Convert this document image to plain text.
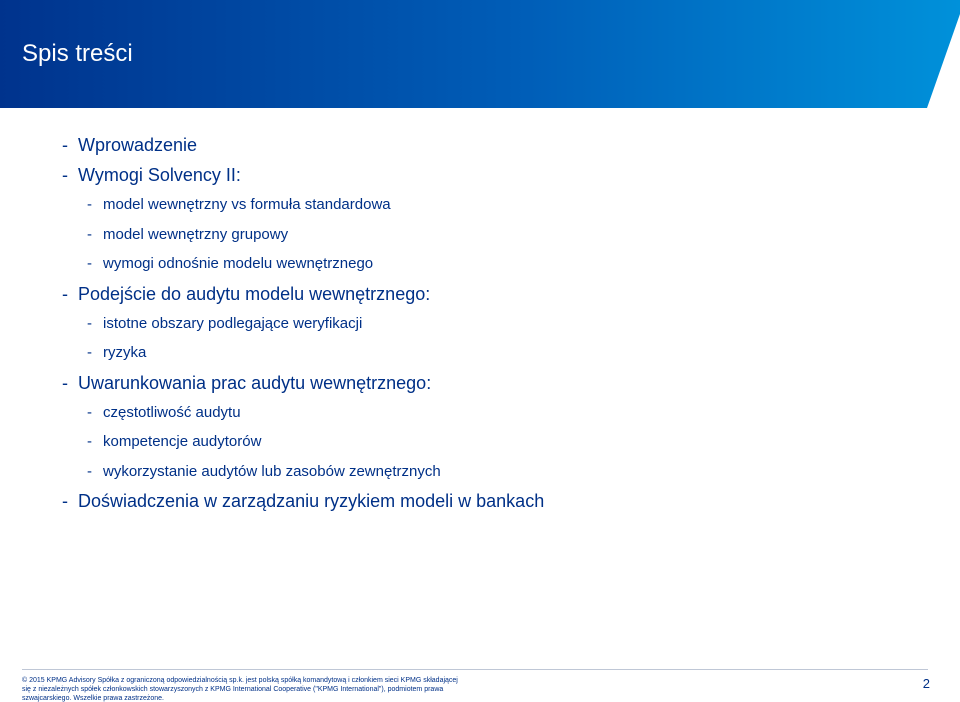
Spis treści
- Wprowadzenie
- Wymogi Solvency II:
- model wewnętrzny vs formuła standardowa
- model wewnętrzny grupowy
- wymogi odnośnie modelu wewnętrznego
- Podejście do audytu modelu wewnętrznego:
- istotne obszary podlegające weryfikacji
- ryzyka
- Uwarunkowania prac audytu wewnętrznego:
- częstotliwość audytu
- kompetencje audytorów
- wykorzystanie audytów lub zasobów zewnętrznych
- Doświadczenia w zarządzaniu ryzykiem modeli w bankach

© 2015 KPMG Advisory Spółka z ograniczoną odpowiedzialnością sp.k. jest polską spółką komandytową i członkiem sieci KPMG składającej się z niezależnych spółek członkowskich stowarzyszonych z KPMG International Cooperative ("KPMG International"), podmiotem prawa szwajcarskiego. Wszelkie prawa zastrzeżone.

2
